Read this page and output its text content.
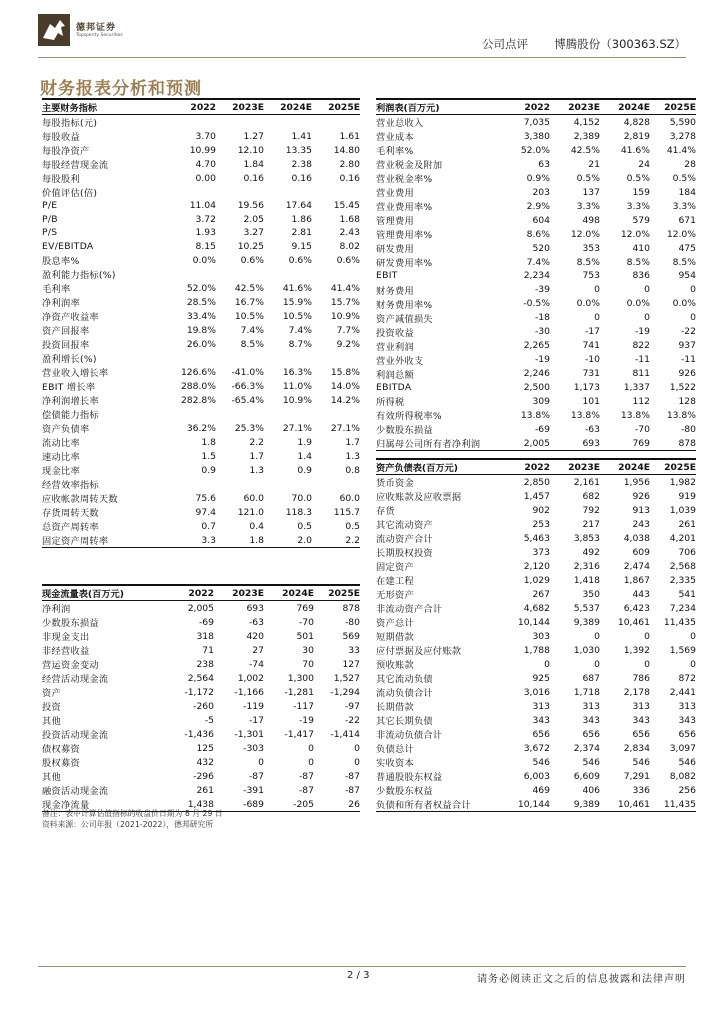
德邦证券
Topsperity Securities
公司点评 博腾股份（300363.SZ）
财务报表分析和预测
主要财务指标	2022	2023E	2024E	2025E
每股指标(元)				
每股收益	3.70	1.27	1.41	1.61
每股净资产	10.99	12.10	13.35	14.80
每股经营现金流	4.70	1.84	2.38	2.80
每股股利	0.00	0.16	0.16	0.16
价值评估(倍)				
P/E	11.04	19.56	17.64	15.45
P/B	3.72	2.05	1.86	1.68
P/S	1.93	3.27	2.81	2.43
EV/EBITDA	8.15	10.25	9.15	8.02
股息率%	0.0%	0.6%	0.6%	0.6%
盈利能力指标(%)				
毛利率	52.0%	42.5%	41.6%	41.4%
净利润率	28.5%	16.7%	15.9%	15.7%
净资产收益率	33.4%	10.5%	10.5%	10.9%
资产回报率	19.8%	7.4%	7.4%	7.7%
投资回报率	26.0%	8.5%	8.7%	9.2%
盈利增长(%)				
营业收入增长率	126.6%	-41.0%	16.3%	15.8%
EBIT 增长率	288.0%	-66.3%	11.0%	14.0%
净利润增长率	282.8%	-65.4%	10.9%	14.2%
偿债能力指标				
资产负债率	36.2%	25.3%	27.1%	27.1%
流动比率	1.8	2.2	1.9	1.7
速动比率	1.5	1.7	1.4	1.3
现金比率	0.9	1.3	0.9	0.8
经营效率指标				
应收帐款周转天数	75.6	60.0	70.0	60.0
存货周转天数	97.4	121.0	118.3	115.7
总资产周转率	0.7	0.4	0.5	0.5
固定资产周转率	3.3	1.8	2.0	2.2
利润表(百万元)	2022	2023E	2024E	2025E
营业总收入	7,035	4,152	4,828	5,590
营业成本	3,380	2,389	2,819	3,278
毛利率%	52.0%	42.5%	41.6%	41.4%
营业税金及附加	63	21	24	28
营业税金率%	0.9%	0.5%	0.5%	0.5%
营业费用	203	137	159	184
营业费用率%	2.9%	3.3%	3.3%	3.3%
管理费用	604	498	579	671
管理费用率%	8.6%	12.0%	12.0%	12.0%
研发费用	520	353	410	475
研发费用率%	7.4%	8.5%	8.5%	8.5%
EBIT	2,234	753	836	954
财务费用	-39	0	0	0
财务费用率%	-0.5%	0.0%	0.0%	0.0%
资产减值损失	-18	0	0	0
投资收益	-30	-17	-19	-22
营业利润	2,265	741	822	937
营业外收支	-19	-10	-11	-11
利润总额	2,246	731	811	926
EBITDA	2,500	1,173	1,337	1,522
所得税	309	101	112	128
有效所得税率%	13.8%	13.8%	13.8%	13.8%
少数股东损益	-69	-63	-70	-80
归属母公司所有者净利润	2,005	693	769	878
资产负债表(百万元)	2022	2023E	2024E	2025E
货币资金	2,850	2,161	1,956	1,982
应收账款及应收票据	1,457	682	926	919
存货	902	792	913	1,039
其它流动资产	253	217	243	261
流动资产合计	5,463	3,853	4,038	4,201
长期股权投资	373	492	609	706
固定资产	2,120	2,316	2,474	2,568
在建工程	1,029	1,418	1,867	2,335
无形资产	267	350	443	541
非流动资产合计	4,682	5,537	6,423	7,234
资产总计	10,144	9,389	10,461	11,435
短期借款	303	0	0	0
应付票据及应付账款	1,788	1,030	1,392	1,569
预收账款	0	0	0	0
其它流动负债	925	687	786	872
流动负债合计	3,016	1,718	2,178	2,441
长期借款	313	313	313	313
其它长期负债	343	343	343	343
非流动负债合计	656	656	656	656
负债总计	3,672	2,374	2,834	3,097
实收资本	546	546	546	546
普通股股东权益	6,003	6,609	7,291	8,082
少数股东权益	469	406	336	256
负债和所有者权益合计	10,144	9,389	10,461	11,435
现金流量表(百万元)	2022	2023E	2024E	2025E
净利润	2,005	693	769	878
少数股东损益	-69	-63	-70	-80
非现金支出	318	420	501	569
非经营收益	71	27	30	33
营运资金变动	238	-74	70	127
经营活动现金流	2,564	1,002	1,300	1,527
资产	-1,172	-1,166	-1,281	-1,294
投资	-260	-119	-117	-97
其他	-5	-17	-19	-22
投资活动现金流	-1,436	-1,301	-1,417	-1,414
债权募资	125	-303	0	0
股权募资	432	0	0	0
其他	-296	-87	-87	-87
融资活动现金流	261	-391	-87	-87
现金净流量	1,438	-689	-205	26
备注：表中计算估值指标的收盘价日期为 8 月 29 日
资料来源：公司年报（2021-2022），德邦研究所
2 / 3	请务必阅读正文之后的信息披露和法律声明
